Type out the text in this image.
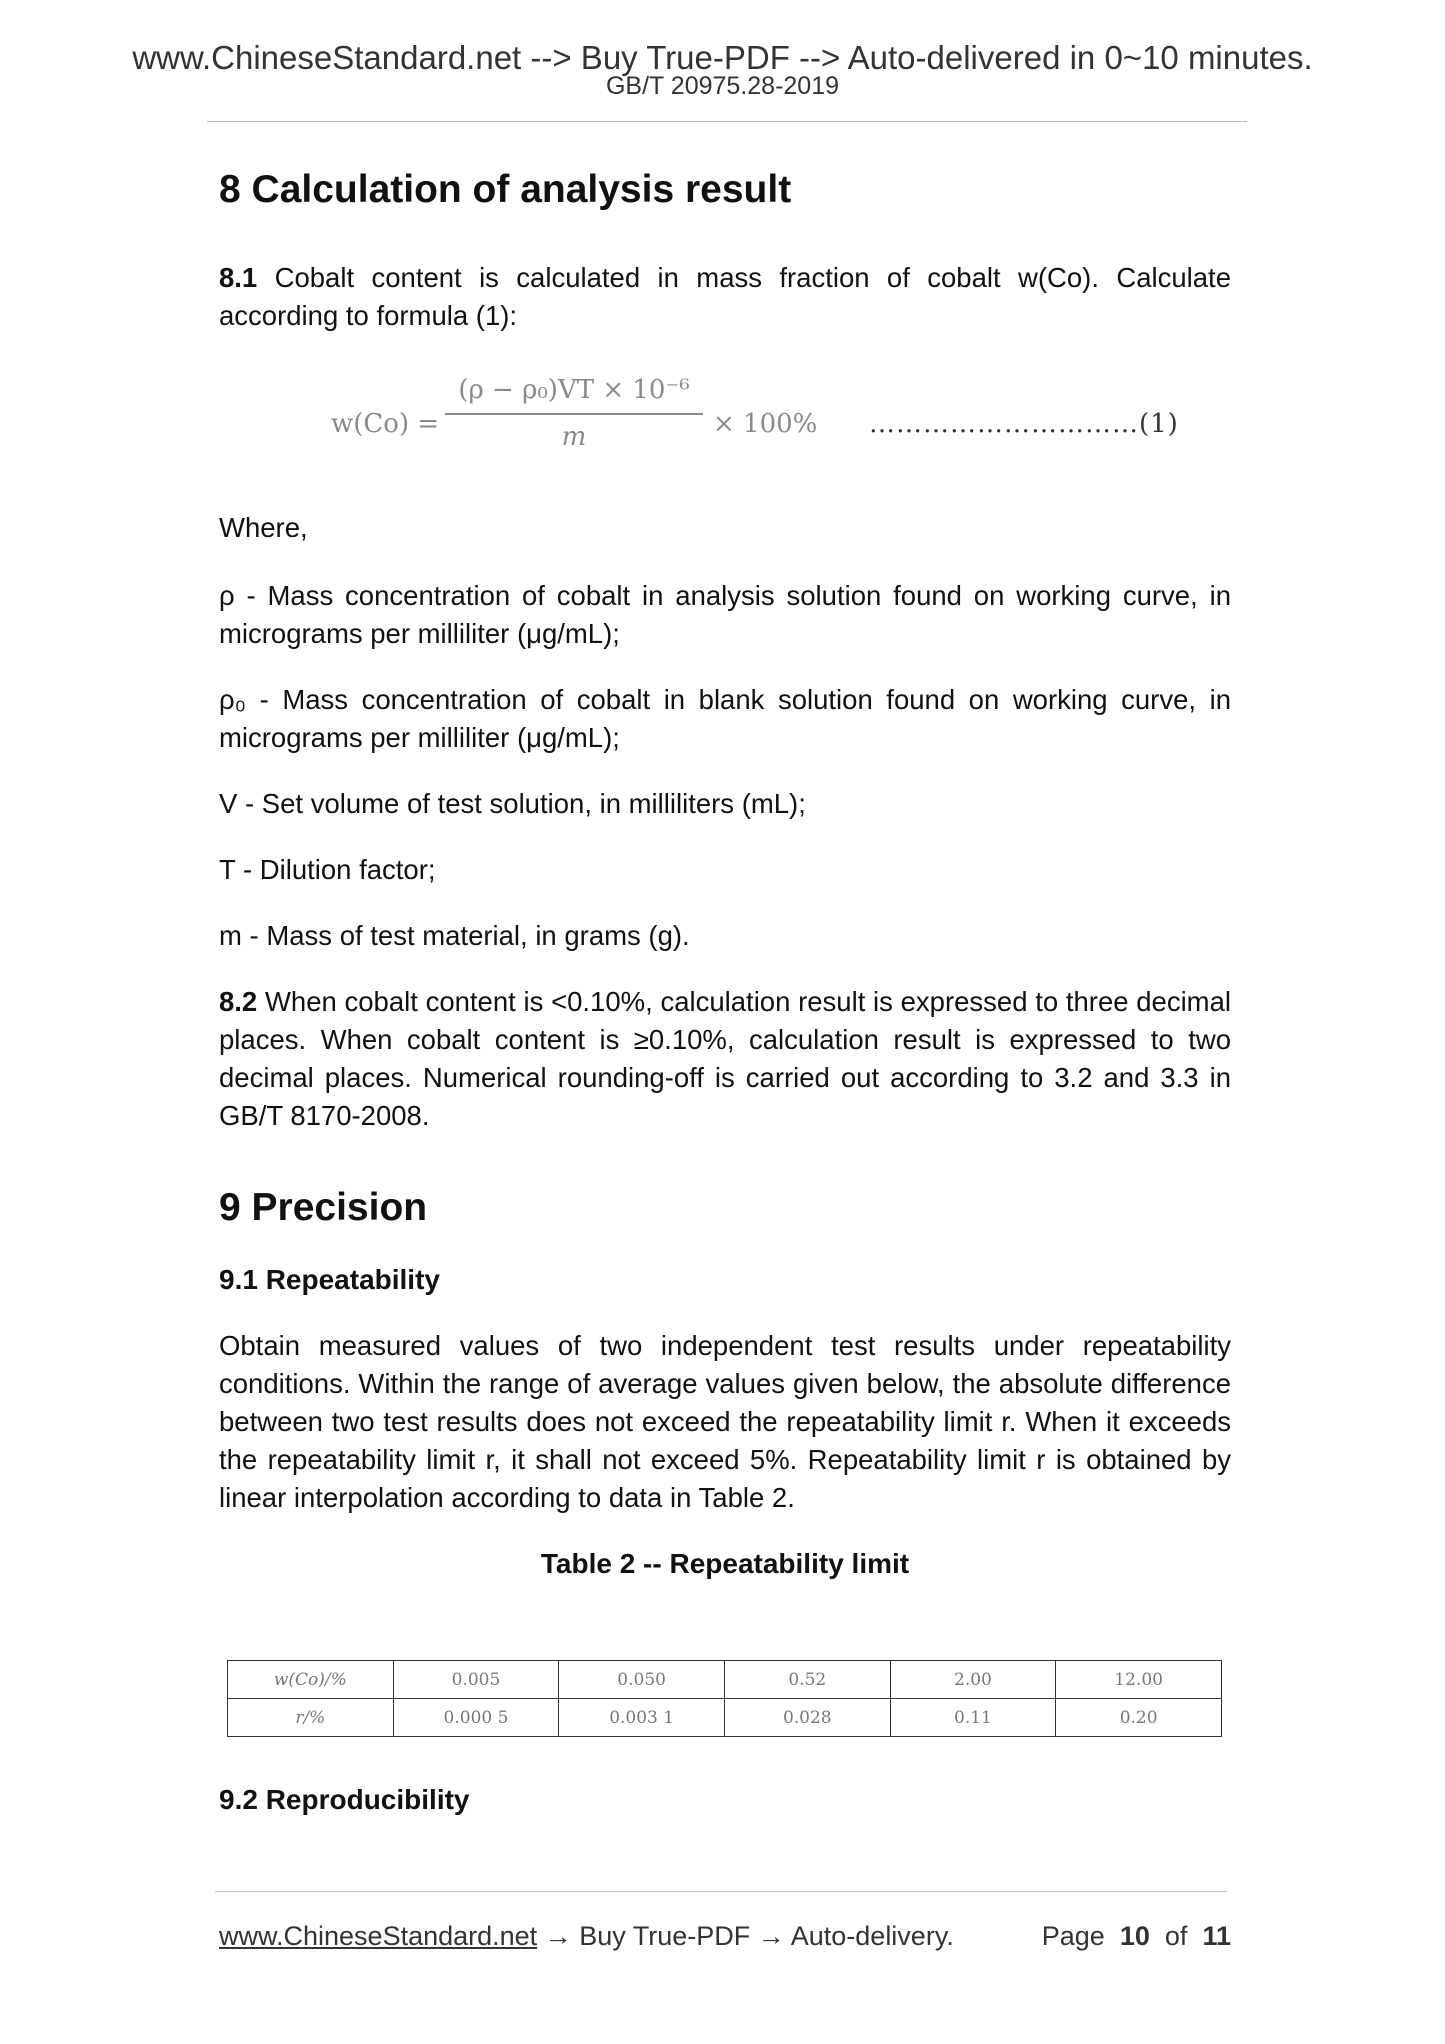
www.ChineseStandard.net --> Buy True-PDF --> Auto-delivered in 0~10 minutes.
GB/T 20975.28-2019
8 Calculation of analysis result

8.1 Cobalt content is calculated in mass fraction of cobalt w(Co). Calculate according to formula (1):

w(Co) =
(ρ − ρ₀)VT × 10⁻⁶
m	× 100% …………………………(1)

Where,

ρ - Mass concentration of cobalt in analysis solution found on working curve, in micrograms per milliliter (μg/mL);

ρ₀ - Mass concentration of cobalt in blank solution found on working curve, in micrograms per milliliter (μg/mL);

V - Set volume of test solution, in milliliters (mL);

T - Dilution factor;

m - Mass of test material, in grams (g).

8.2 When cobalt content is <0.10%, calculation result is expressed to three decimal places. When cobalt content is ≥0.10%, calculation result is expressed to two decimal places. Numerical rounding-off is carried out according to 3.2 and 3.3 in GB/T 8170-2008.

9 Precision
9.1 Repeatability

Obtain measured values of two independent test results under repeatability conditions. Within the range of average values given below, the absolute difference between two test results does not exceed the repeatability limit r. When it exceeds the repeatability limit r, it shall not exceed 5%. Repeatability limit r is obtained by linear interpolation according to data in Table 2.

Table 2 -- Repeatability limit
w(Co)/%	0.005	0.050	0.52	2.00	12.00
r/%	0.000 5	0.003 1	0.028	0.11	0.20
9.2 Reproducibility
www.ChineseStandard.net → Buy True-PDF → Auto-delivery.	Page 10 of 11
